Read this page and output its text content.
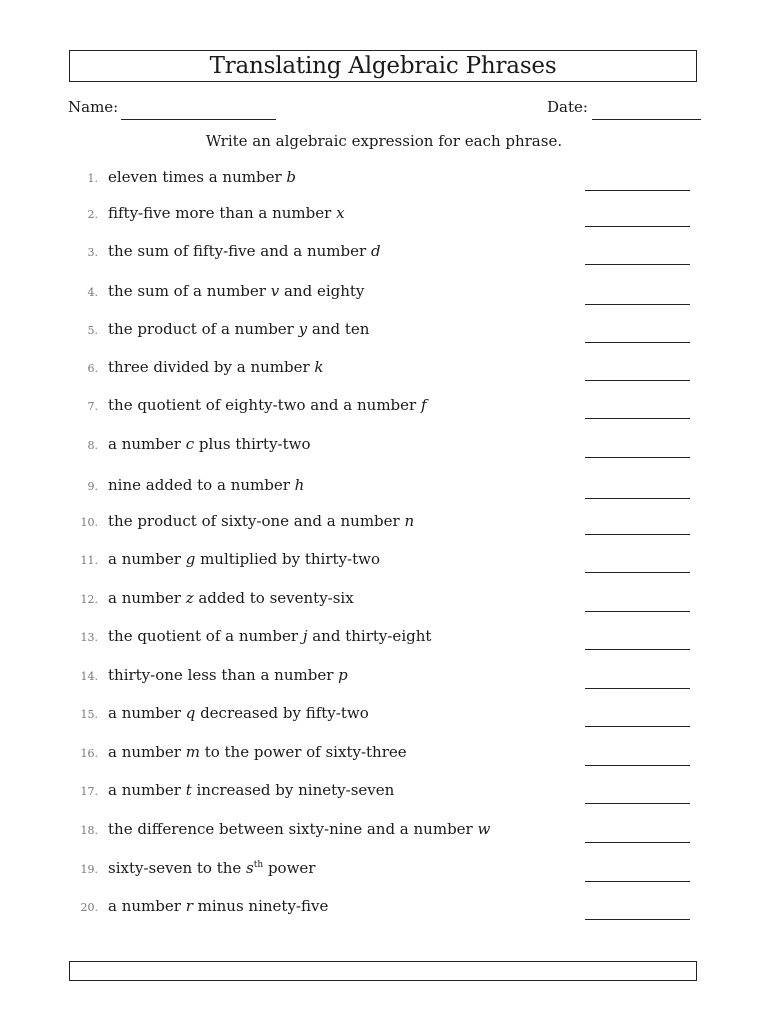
Translating Algebraic Phrases
Name:	Date:
Write an algebraic expression for each phrase.
1. eleven times a number b
2. fifty-five more than a number x
3. the sum of fifty-five and a number d
4. the sum of a number v and eighty
5. the product of a number y and ten
6. three divided by a number k
7. the quotient of eighty-two and a number f
8. a number c plus thirty-two
9. nine added to a number h
10. the product of sixty-one and a number n
11. a number g multiplied by thirty-two
12. a number z added to seventy-six
13. the quotient of a number j and thirty-eight
14. thirty-one less than a number p
15. a number q decreased by fifty-two
16. a number m to the power of sixty-three
17. a number t increased by ninety-seven
18. the difference between sixty-nine and a number w
19. sixty-seven to the $s^{th}$ power
20. a number r minus ninety-five
